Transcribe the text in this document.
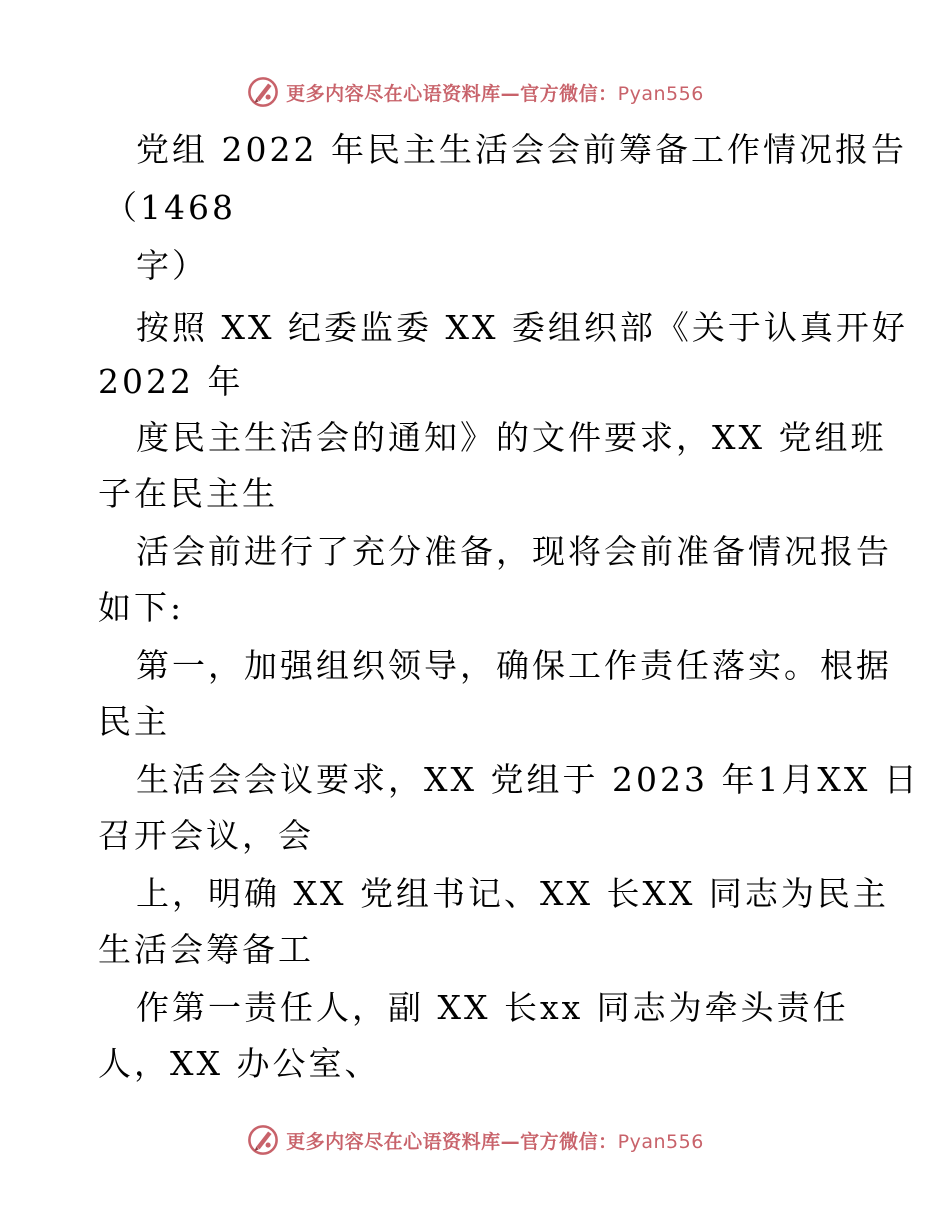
更多内容尽在心语资料库—官方微信：Pyan556
党组 2022 年民主生活会会前筹备工作情况报告
（1468
字）
按照 XX 纪委监委 XX 委组织部《关于认真开好
2022 年
度民主生活会的通知》的文件要求，XX 党组班
子在民主生
活会前进行了充分准备，现将会前准备情况报告
如下:
第一，加强组织领导，确保工作责任落实。根据
民主
生活会会议要求，XX 党组于 2023 年1月XX 日
召开会议，会
上，明确 XX 党组书记、XX 长XX 同志为民主
生活会筹备工
作第一责任人，副 XX 长xx 同志为牵头责任
人，XX 办公室、
更多内容尽在心语资料库—官方微信：Pyan556
